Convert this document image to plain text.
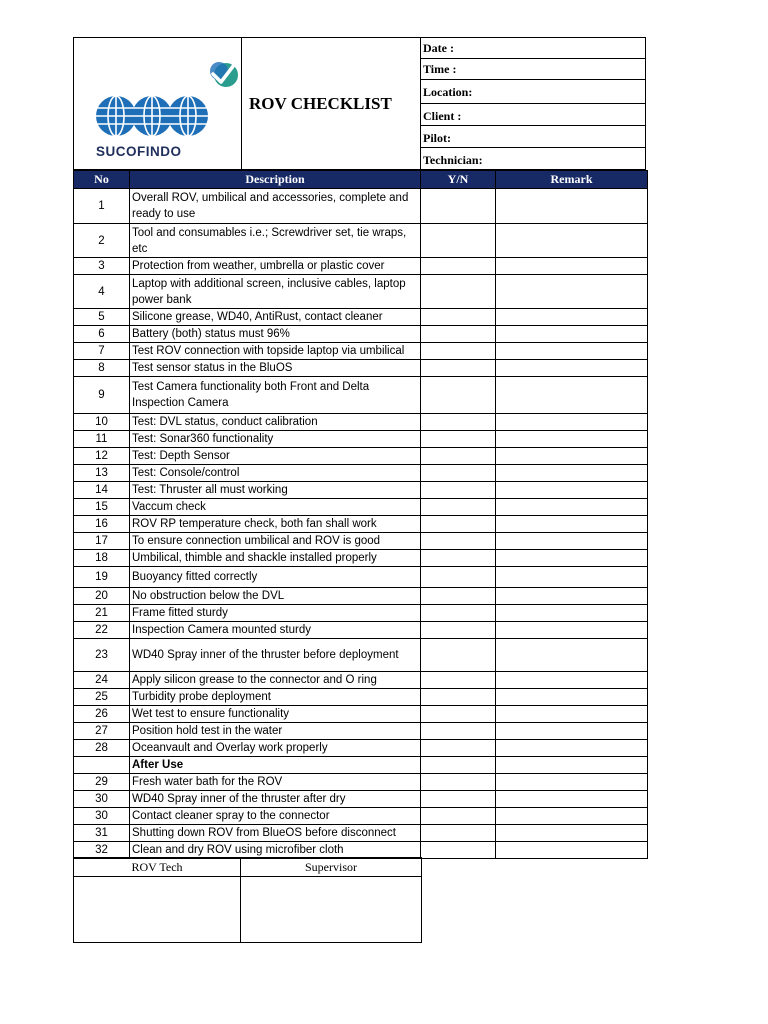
SUCOFINDO
ROV CHECKLIST
Date :
Time :
Location:
Client :
Pilot:
Technician:
No	Description	Y/N	Remark
1	Overall ROV, umbilical and accessories, complete and ready to use		
2	Tool and consumables i.e.; Screwdriver set, tie wraps, etc		
3	Protection from weather, umbrella or plastic cover		
4	Laptop with additional screen, inclusive cables, laptop power bank		
5	Silicone grease, WD40, AntiRust, contact cleaner		
6	Battery (both) status must 96%		
7	Test ROV connection with topside laptop via umbilical		
8	Test sensor status in the BluOS		
9	Test Camera functionality both Front and Delta Inspection Camera		
10	Test: DVL status, conduct calibration		
11	Test: Sonar360 functionality		
12	Test: Depth Sensor		
13	Test: Console/control		
14	Test: Thruster all must working		
15	Vaccum check		
16	ROV RP temperature check, both fan shall work		
17	To ensure connection umbilical and ROV is good		
18	Umbilical, thimble and shackle installed properly		
19	Buoyancy fitted correctly		
20	No obstruction below the DVL		
21	Frame fitted sturdy		
22	Inspection Camera mounted sturdy		
23	WD40 Spray inner of the thruster before deployment		
24	Apply silicon grease to the connector and O ring		
25	Turbidity probe deployment		
26	Wet test to ensure functionality		
27	Position hold test in the water		
28	Oceanvault and Overlay work properly		
	After Use		
29	Fresh water bath for the ROV		
30	WD40 Spray inner of the thruster after dry		
30	Contact cleaner spray to the connector		
31	Shutting down ROV from BlueOS before disconnect		
32	Clean and dry ROV using microfiber cloth		
ROV Tech	Supervisor
